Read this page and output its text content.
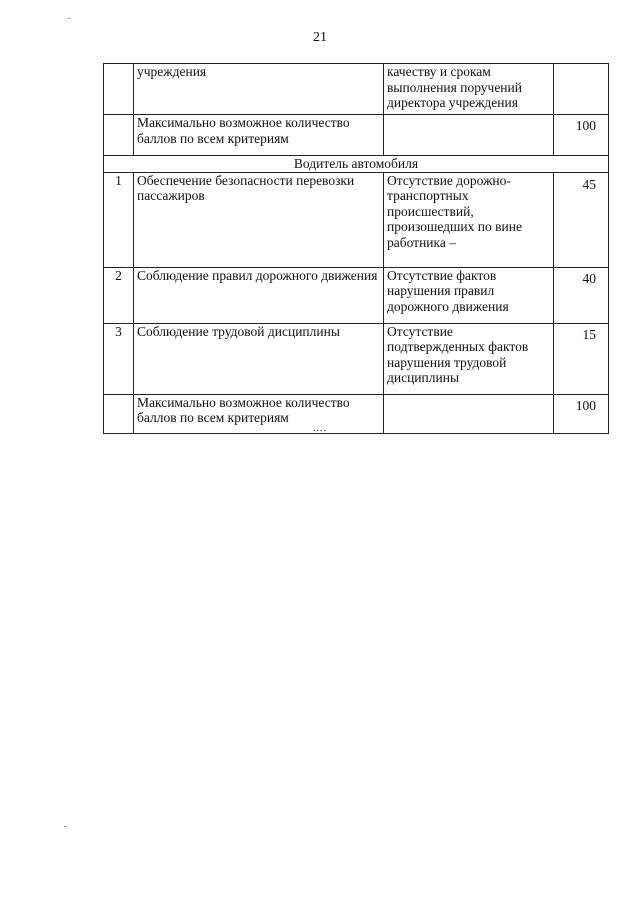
21
	учреждения	качеству и срокам выполнения поручений директора учреждения	
	Максимально возможное количество баллов по всем критериям		100
Водитель автомобиля			
1	Обеспечение безопасности перевозки пассажиров	Отсутствие дорожно-транспортных происшествий, произошедших по вине работника –	45
2	Соблюдение правил дорожного движения	Отсутствие фактов нарушения правил дорожного движения	40
3	Соблюдение трудовой дисциплины	Отсутствие подтвержденных фактов нарушения трудовой дисциплины	15
	Максимально возможное количество баллов по всем критериям		100
....
